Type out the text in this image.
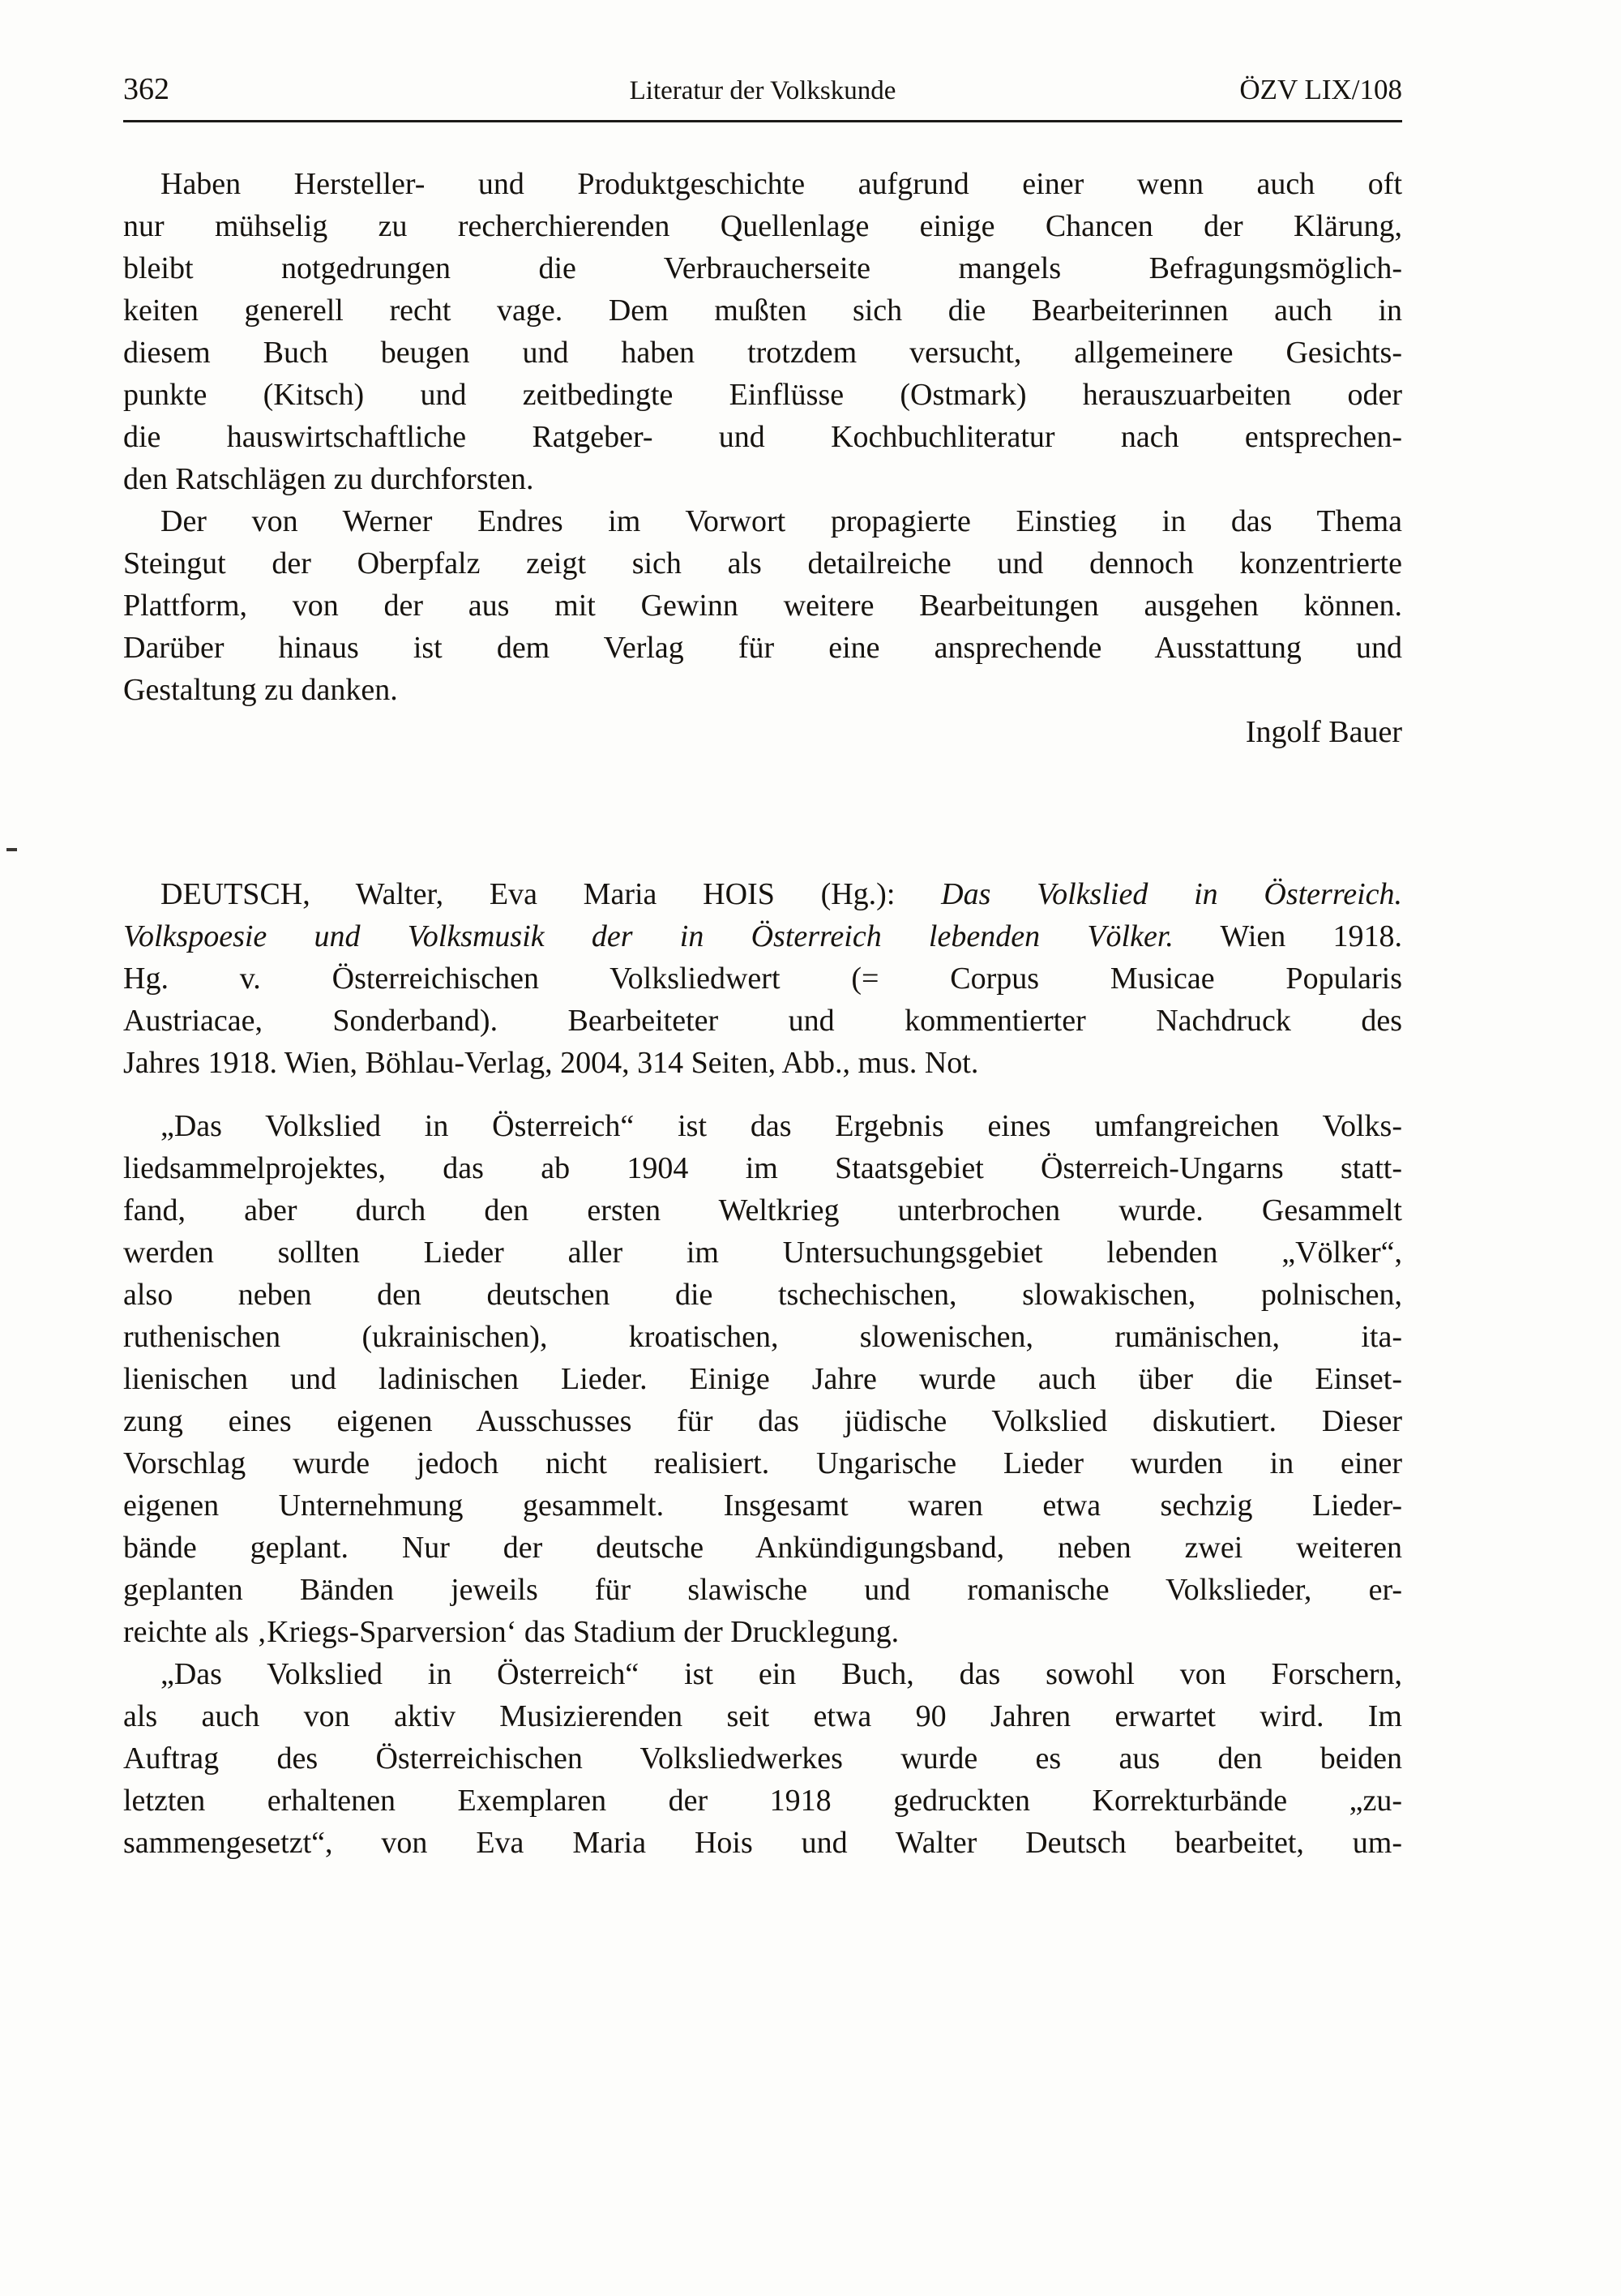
362	Literatur der Volkskunde	ÖZV LIX/108
Haben Hersteller- und Produktgeschichte aufgrund einer wenn auch oft
nur mühselig zu recherchierenden Quellenlage einige Chancen der Klärung,
bleibt notgedrungen die Verbraucherseite mangels Befragungsmöglich-
keiten generell recht vage. Dem mußten sich die Bearbeiterinnen auch in
diesem Buch beugen und haben trotzdem versucht, allgemeinere Gesichts-
punkte (Kitsch) und zeitbedingte Einflüsse (Ostmark) herauszuarbeiten oder
die hauswirtschaftliche Ratgeber- und Kochbuchliteratur nach entsprechen-
den Ratschlägen zu durchforsten.
Der von Werner Endres im Vorwort propagierte Einstieg in das Thema
Steingut der Oberpfalz zeigt sich als detailreiche und dennoch konzentrierte
Plattform, von der aus mit Gewinn weitere Bearbeitungen ausgehen können.
Darüber hinaus ist dem Verlag für eine ansprechende Ausstattung und
Gestaltung zu danken.
Ingolf Bauer
DEUTSCH, Walter, Eva Maria HOIS (Hg.): Das Volkslied in Österreich.
Volkspoesie und Volksmusik der in Österreich lebenden Völker. Wien 1918.
Hg. v. Österreichischen Volksliedwert (= Corpus Musicae Popularis
Austriacae, Sonderband). Bearbeiteter und kommentierter Nachdruck des
Jahres 1918. Wien, Böhlau-Verlag, 2004, 314 Seiten, Abb., mus. Not.
„Das Volkslied in Österreich“ ist das Ergebnis eines umfangreichen Volks-
liedsammelprojektes, das ab 1904 im Staatsgebiet Österreich-Ungarns statt-
fand, aber durch den ersten Weltkrieg unterbrochen wurde. Gesammelt
werden sollten Lieder aller im Untersuchungsgebiet lebenden „Völker“,
also neben den deutschen die tschechischen, slowakischen, polnischen,
ruthenischen (ukrainischen), kroatischen, slowenischen, rumänischen, ita-
lienischen und ladinischen Lieder. Einige Jahre wurde auch über die Einset-
zung eines eigenen Ausschusses für das jüdische Volkslied diskutiert. Dieser
Vorschlag wurde jedoch nicht realisiert. Ungarische Lieder wurden in einer
eigenen Unternehmung gesammelt. Insgesamt waren etwa sechzig Lieder-
bände geplant. Nur der deutsche Ankündigungsband, neben zwei weiteren
geplanten Bänden jeweils für slawische und romanische Volkslieder, er-
reichte als ‚Kriegs-Sparversion‘ das Stadium der Drucklegung.
„Das Volkslied in Österreich“ ist ein Buch, das sowohl von Forschern,
als auch von aktiv Musizierenden seit etwa 90 Jahren erwartet wird. Im
Auftrag des Österreichischen Volksliedwerkes wurde es aus den beiden
letzten erhaltenen Exemplaren der 1918 gedruckten Korrekturbände „zu-
sammengesetzt“, von Eva Maria Hois und Walter Deutsch bearbeitet, um-
